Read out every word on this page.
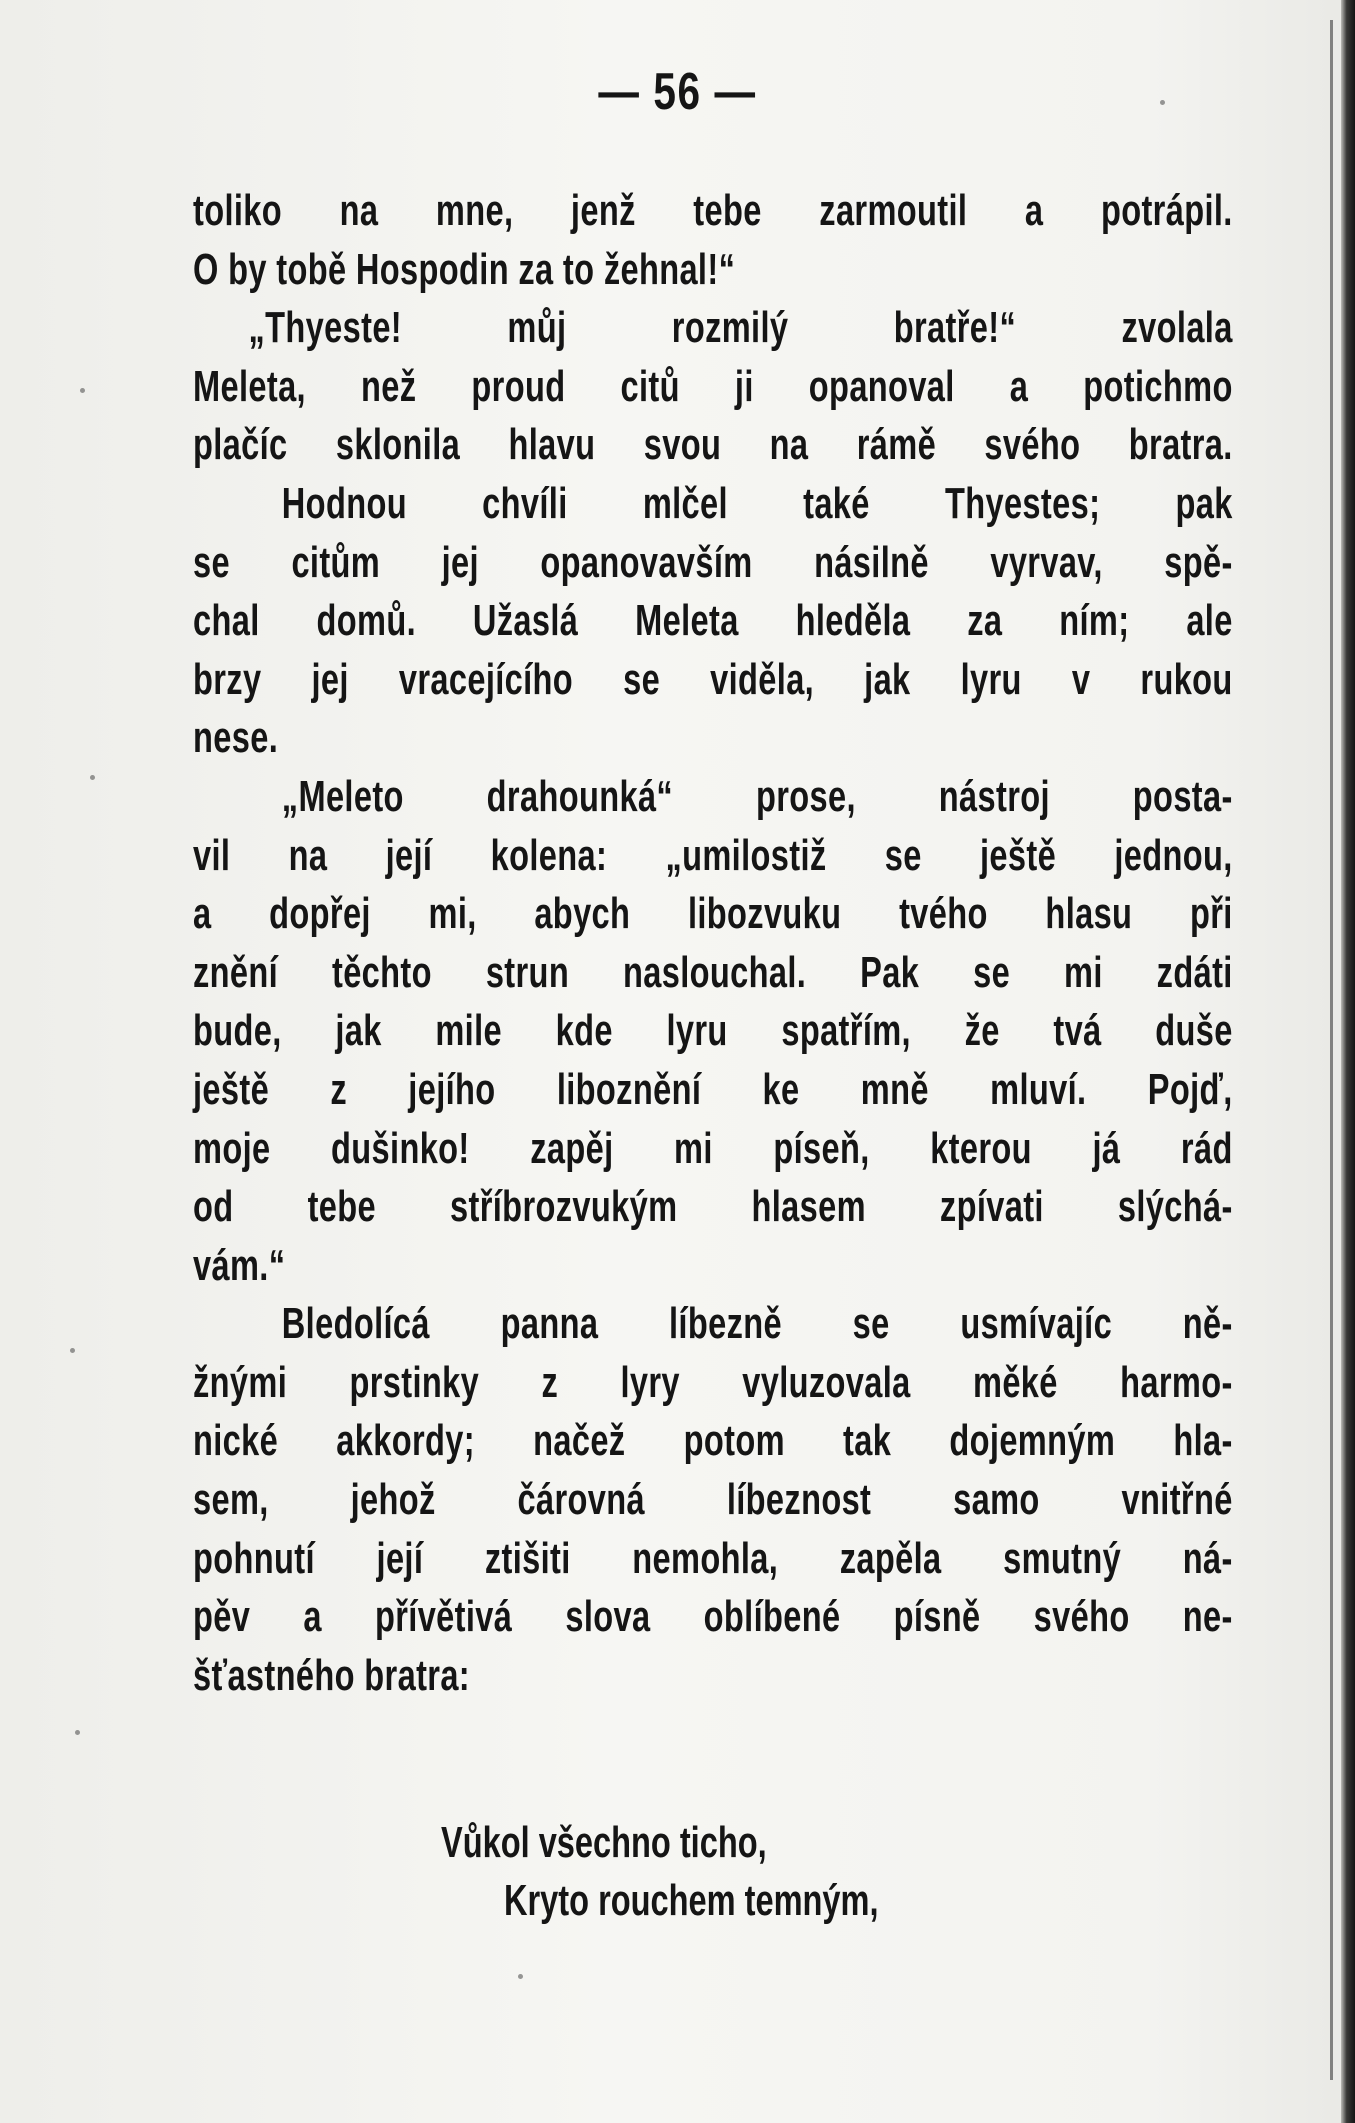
— 56 —
toliko na mne, jenž tebe zarmoutil a potrápil.
O by tobě Hospodin za to žehnal!“
„Thyeste! můj rozmilý bratře!“ zvolala
Meleta, než proud citů ji opanoval a potichmo
plačíc sklonila hlavu svou na rámě svého bratra.
Hodnou chvíli mlčel také Thyestes; pak
se citům jej opanovavším násilně vyrvav, spě-
chal domů. Užaslá Meleta hleděla za ním; ale
brzy jej vracejícího se viděla, jak lyru v rukou
nese.
„Meleto drahounká“ prose, nástroj posta-
vil na její kolena: „umilostiž se ještě jednou,
a dopřej mi, abych libozvuku tvého hlasu při
znění těchto strun naslouchal. Pak se mi zdáti
bude, jak mile kde lyru spatřím, že tvá duše
ještě z jejího liboznění ke mně mluví. Pojď,
moje dušinko! zapěj mi píseň, kterou já rád
od tebe stříbrozvukým hlasem zpívati slýchá-
vám.“
Bledolícá panna líbezně se usmívajíc ně-
žnými prstinky z lyry vyluzovala měké harmo-
nické akkordy; načež potom tak dojemným hla-
sem, jehož čárovná líbeznost samo vnitřné
pohnutí její ztišiti nemohla, zapěla smutný ná-
pěv a přívětivá slova oblíbené písně svého ne-
šťastného bratra:
Vůkol všechno ticho,
Kryto rouchem temným,
